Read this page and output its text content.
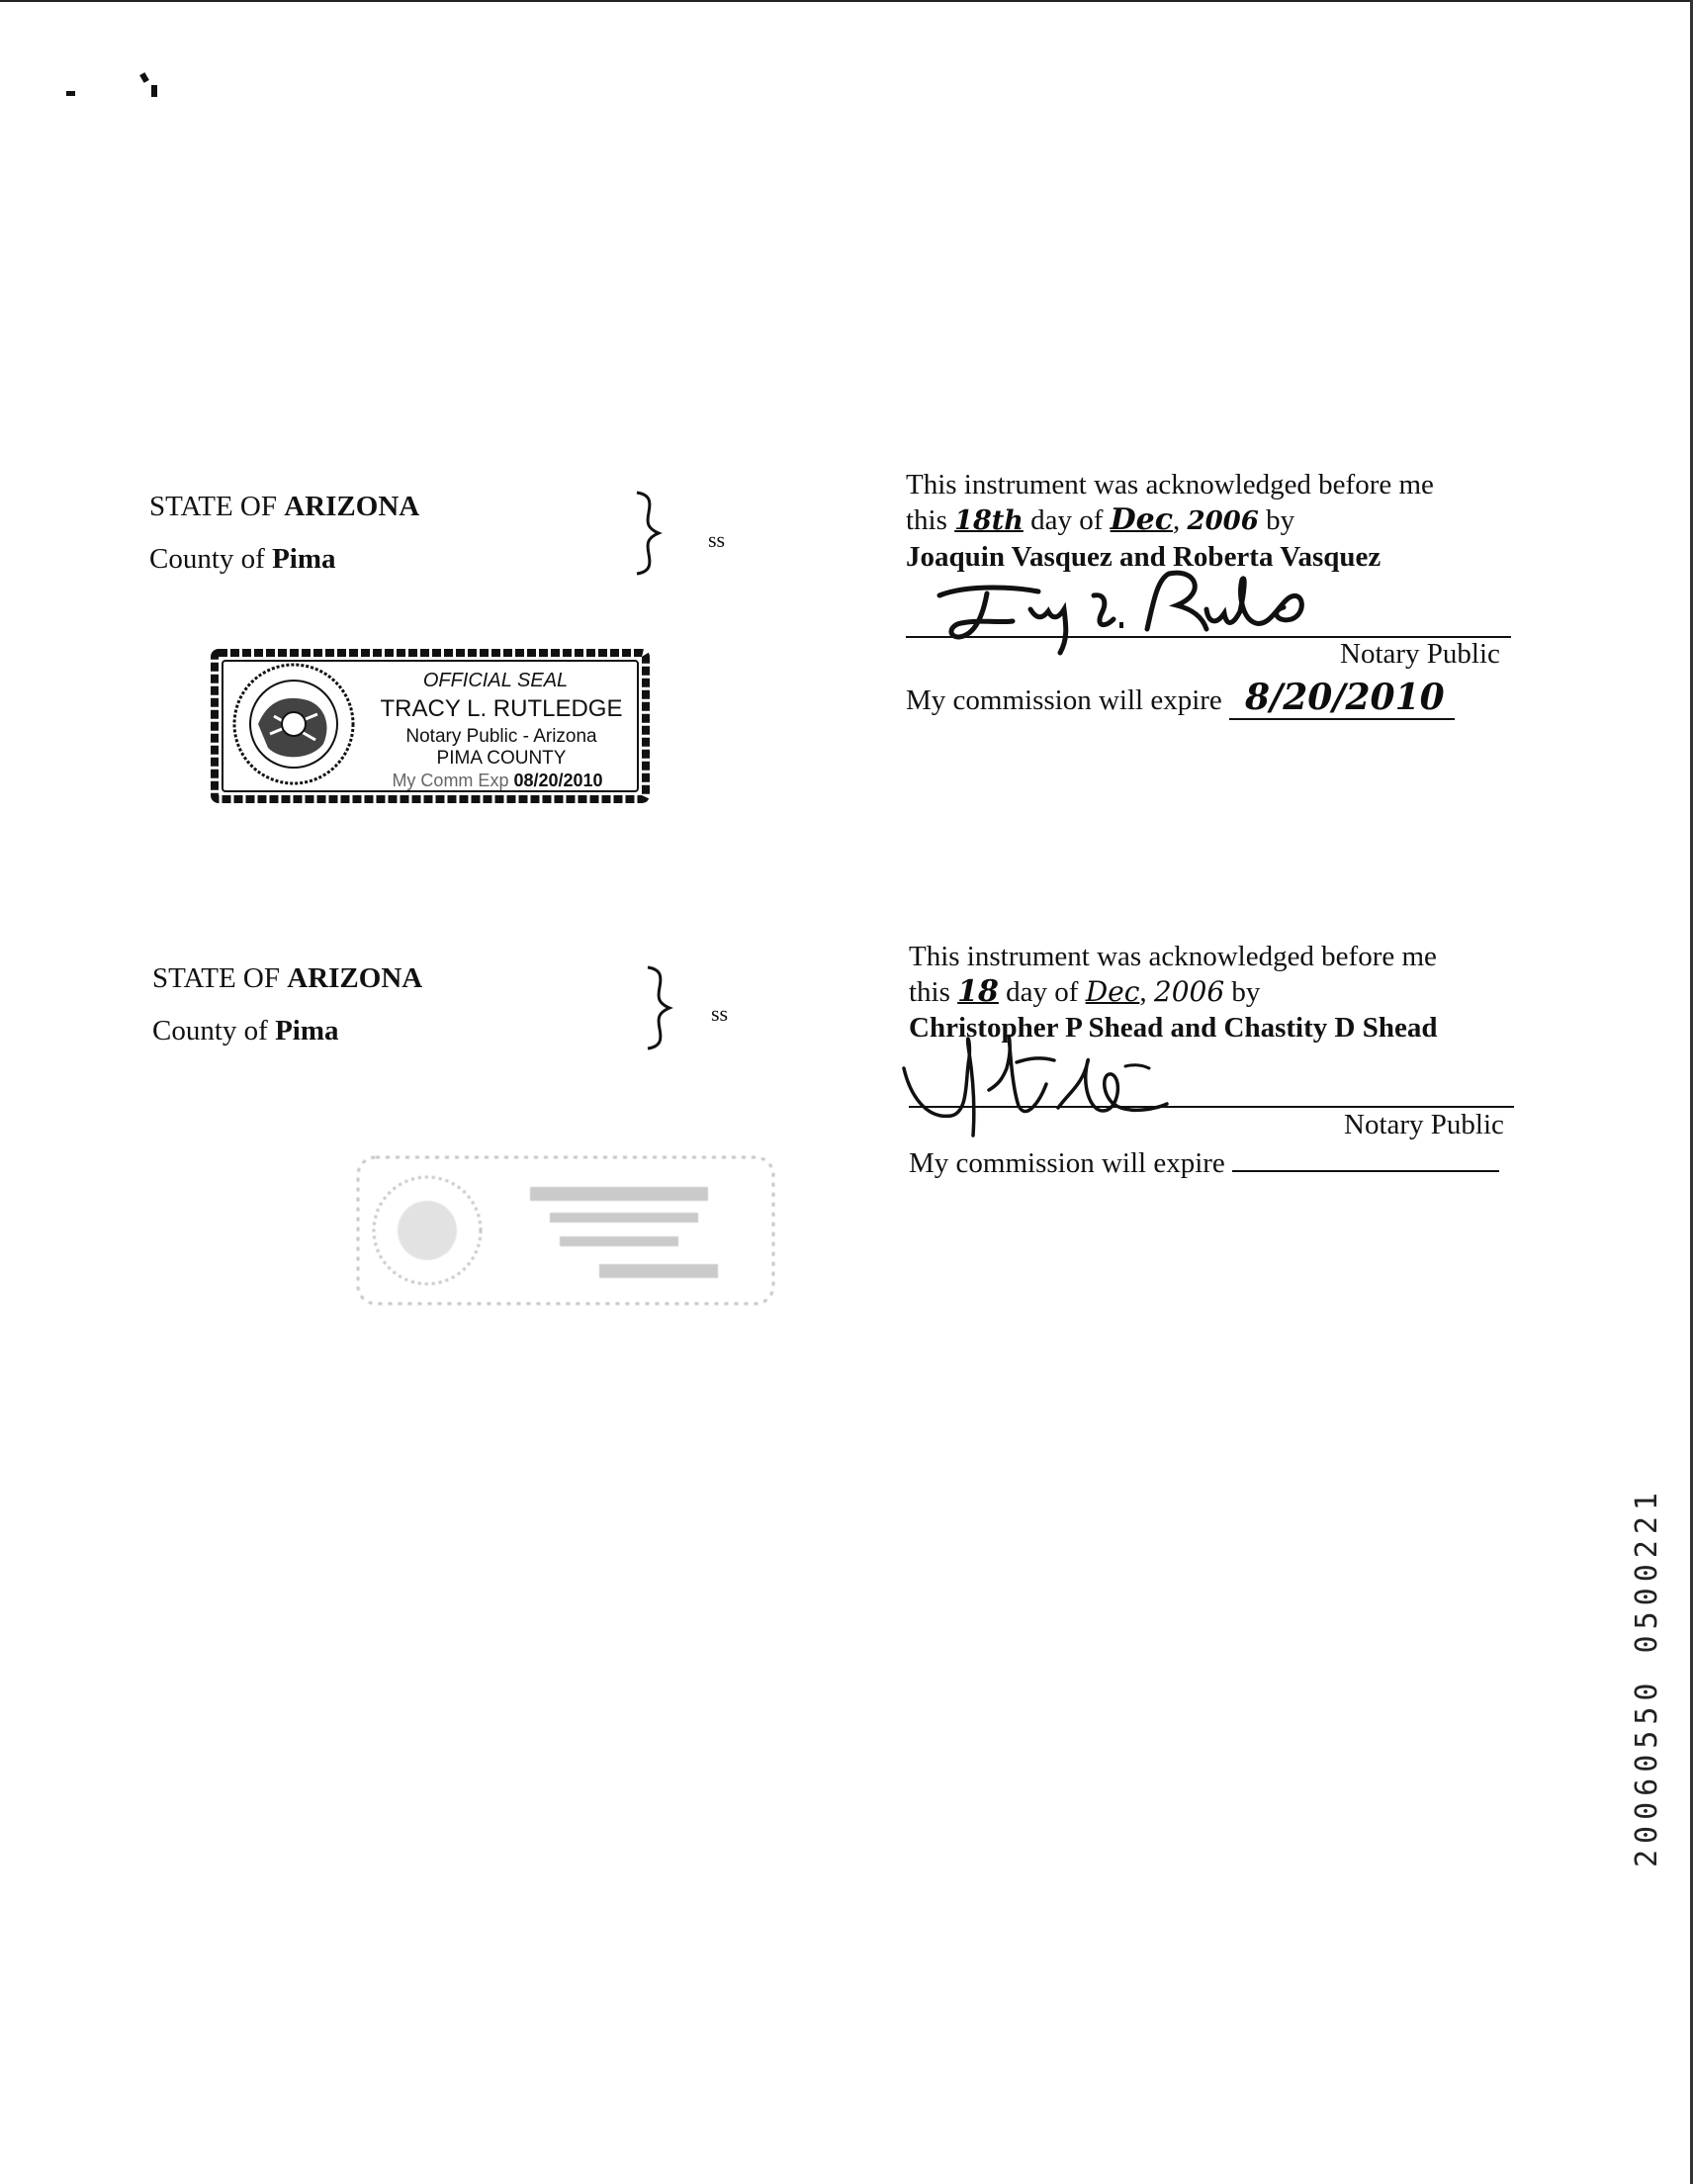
STATE OF ARIZONA
County of Pima
ss
This instrument was acknowledged before me
this 18th day of Dec, 2006 by
Joaquin Vasquez and Roberta Vasquez
Notary Public
My commission will expire 8/20/2010
OFFICIAL SEAL
TRACY L. RUTLEDGE
Notary Public - Arizona
PIMA COUNTY
My Comm Exp 08/20/2010
STATE OF ARIZONA
County of Pima
ss
This instrument was acknowledged before me
this 18 day of Dec, 2006 by
Christopher P Shead and Chastity D Shead
Notary Public
My commission will expire
20060550 0500221
